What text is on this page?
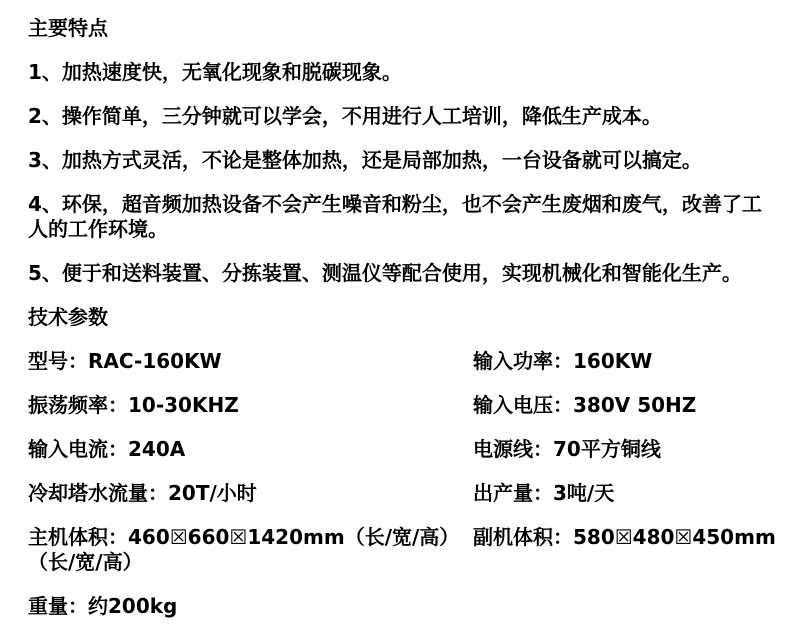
主要特点

1、加热速度快，无氧化现象和脱碳现象。

2、操作简单，三分钟就可以学会，不用进行人工培训，降低生产成本。

3、加热方式灵活，不论是整体加热，还是局部加热，一台设备就可以搞定。

4、环保，超音频加热设备不会产生噪音和粉尘，也不会产生废烟和废气，改善了工人的工作环境。

5、便于和送料装置、分拣装置、测温仪等配合使用，实现机械化和智能化生产。

技术参数

型号：RAC-160KW	输入功率：160KW

振荡频率：10-30KHZ	输入电压：380V 50HZ

输入电流：240A	电源线：70平方铜线

冷却塔水流量：20T/小时	出产量：3吨/天

主机体积：460☒660☒1420mm（长/宽/高） 副机体积：580☒480☒450mm
（长/宽/高）

重量：约200kg
